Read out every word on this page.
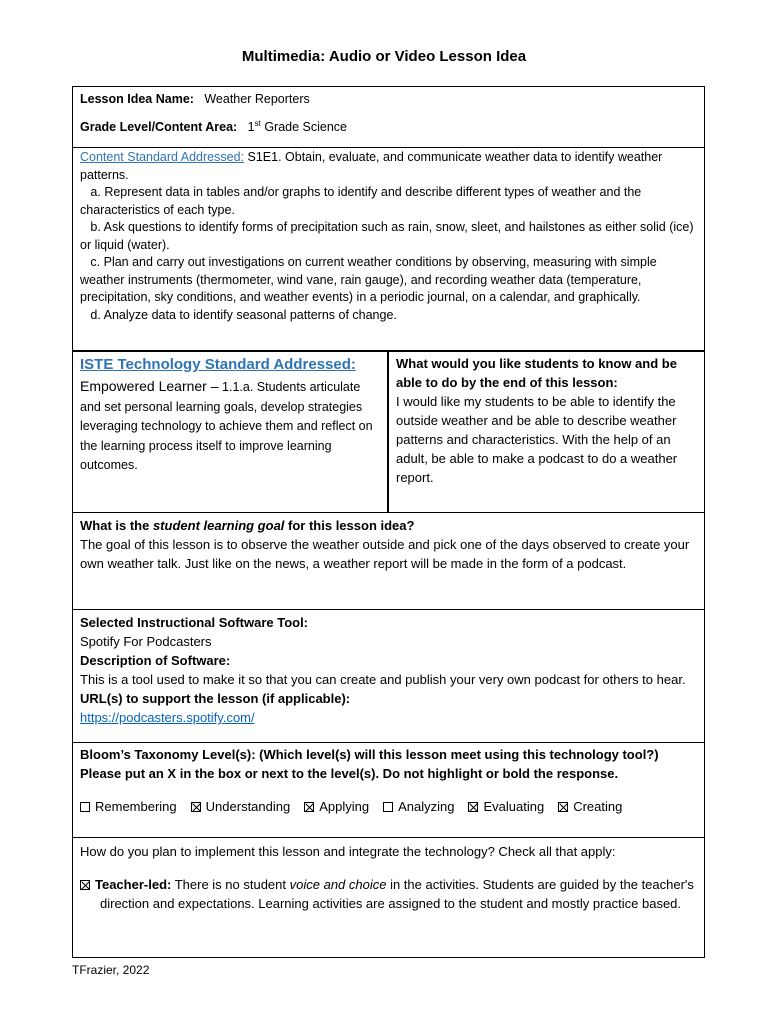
Multimedia: Audio or Video Lesson Idea
Lesson Idea Name: Weather Reporters
Grade Level/Content Area: 1st Grade Science
Content Standard Addressed: S1E1. Obtain, evaluate, and communicate weather data to identify weather patterns.
a. Represent data in tables and/or graphs to identify and describe different types of weather and the characteristics of each type.
b. Ask questions to identify forms of precipitation such as rain, snow, sleet, and hailstones as either solid (ice) or liquid (water).
c. Plan and carry out investigations on current weather conditions by observing, measuring with simple weather instruments (thermometer, wind vane, rain gauge), and recording weather data (temperature, precipitation, sky conditions, and weather events) in a periodic journal, on a calendar, and graphically.
d. Analyze data to identify seasonal patterns of change.
ISTE Technology Standard Addressed:
Empowered Learner – 1.1.a. Students articulate and set personal learning goals, develop strategies leveraging technology to achieve them and reflect on the learning process itself to improve learning outcomes.
What would you like students to know and be able to do by the end of this lesson:
I would like my students to be able to identify the outside weather and be able to describe weather patterns and characteristics. With the help of an adult, be able to make a podcast to do a weather report.
What is the student learning goal for this lesson idea?
The goal of this lesson is to observe the weather outside and pick one of the days observed to create your own weather talk. Just like on the news, a weather report will be made in the form of a podcast.
Selected Instructional Software Tool:
Spotify For Podcasters
Description of Software:
This is a tool used to make it so that you can create and publish your very own podcast for others to hear.
URL(s) to support the lesson (if applicable):
https://podcasters.spotify.com/
Bloom’s Taxonomy Level(s): (Which level(s) will this lesson meet using this technology tool?) Please put an X in the box or next to the level(s). Do not highlight or bold the response.
Remembering	Understanding	Applying	Analyzing	Evaluating	Creating
How do you plan to implement this lesson and integrate the technology? Check all that apply:
Teacher-led: There is no student voice and choice in the activities. Students are guided by the teacher's direction and expectations. Learning activities are assigned to the student and mostly practice based.
TFrazier, 2022
